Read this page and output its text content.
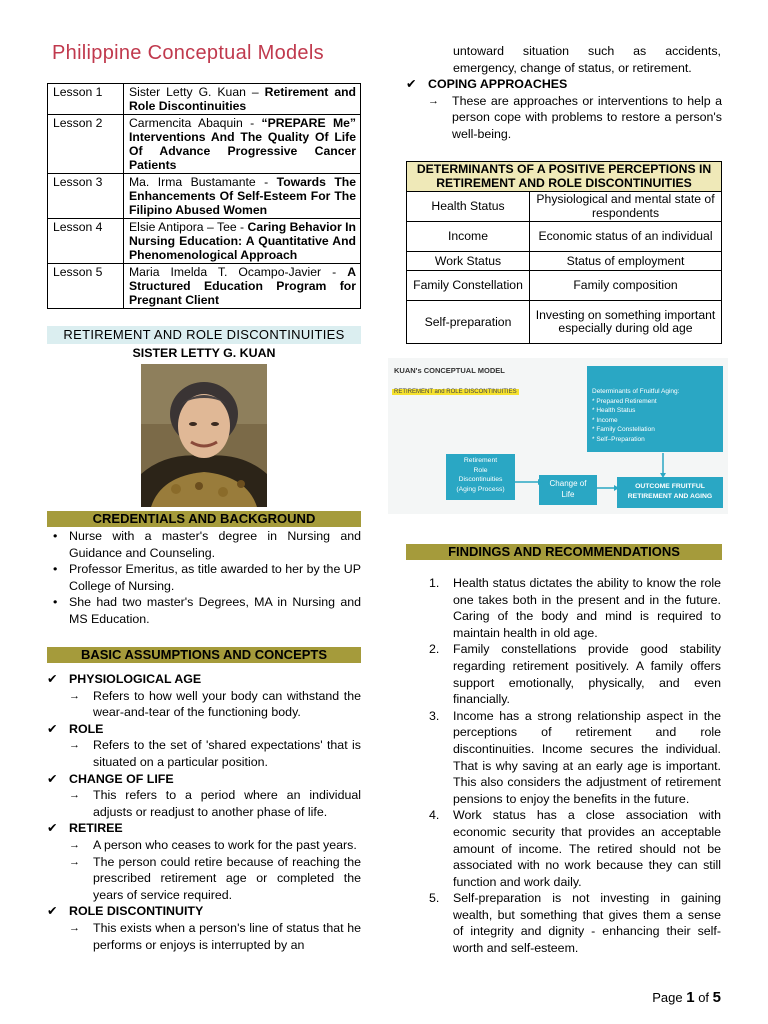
Philippine Conceptual Models
Lesson 1	Sister Letty G. Kuan – Retirement and Role Discontinuities
Lesson 2	Carmencita Abaquin - “PREPARE Me” Interventions And The Quality Of Life Of Advance Progressive Cancer Patients
Lesson 3	Ma. Irma Bustamante - Towards The Enhancements Of Self-Esteem For The Filipino Abused Women
Lesson 4	Elsie Antipora – Tee - Caring Behavior In Nursing Education: A Quantitative And Phenomenological Approach
Lesson 5	Maria Imelda T. Ocampo-Javier - A Structured Education Program for Pregnant Client
RETIREMENT AND ROLE DISCONTINUITIES
SISTER LETTY G. KUAN
CREDENTIALS AND BACKGROUND
• Nurse with a master's degree in Nursing and Guidance and Counseling.
• Professor Emeritus, as title awarded to her by the UP College of Nursing.
• She had two master's Degrees, MA in Nursing and MS Education.
BASIC ASSUMPTIONS AND CONCEPTS
✔ PHYSIOLOGICAL AGE
→ Refers to how well your body can withstand the wear-and-tear of the functioning body.
✔ ROLE
→ Refers to the set of 'shared expectations' that is situated on a particular position.
✔ CHANGE OF LIFE
→ This refers to a period where an individual adjusts or readjust to another phase of life.
✔ RETIREE
→ A person who ceases to work for the past years.
→ The person could retire because of reaching the prescribed retirement age or completed the years of service required.
✔ ROLE DISCONTINUITY
→ This exists when a person's line of status that he performs or enjoys is interrupted by an
untoward situation such as accidents, emergency, change of status, or retirement.
✔ COPING APPROACHES
→ These are approaches or interventions to help a person cope with problems to restore a person's well-being.
DETERMINANTS OF A POSITIVE PERCEPTIONS IN RETIREMENT AND ROLE DISCONTINUITIES	
Health Status	Physiological and mental state of respondents
Income	Economic status of an individual
Work Status	Status of employment
Family Constellation	Family composition
Self-preparation	Investing on something important especially during old age
KUAN's CONCEPTUAL MODEL
RETIREMENT and ROLE DISCONTINUITIES	Determinants of Fruitful Aging:
* Prepared Retirement
* Health Status
* Income
* Family Constellation
* Self–Preparation
Retirement
Role
Discontinuities
(Aging Process)
Change of
Life
OUTCOME FRUITFUL
RETIREMENT AND AGING
FINDINGS AND RECOMMENDATIONS
1. Health status dictates the ability to know the role one takes both in the present and in the future. Caring of the body and mind is required to maintain health in old age.
2. Family constellations provide good stability regarding retirement positively. A family offers support emotionally, physically, and even financially.
3. Income has a strong relationship aspect in the perceptions of retirement and role discontinuities. Income secures the individual. That is why saving at an early age is important. This also considers the adjustment of retirement pensions to enjoy the benefits in the future.
4. Work status has a close association with economic security that provides an acceptable amount of income. The retired should not be associated with no work because they can still function and work daily.
5. Self-preparation is not investing in gaining wealth, but something that gives them a sense of integrity and dignity - enhancing their self-worth and self-esteem.
Page 1 of 5
